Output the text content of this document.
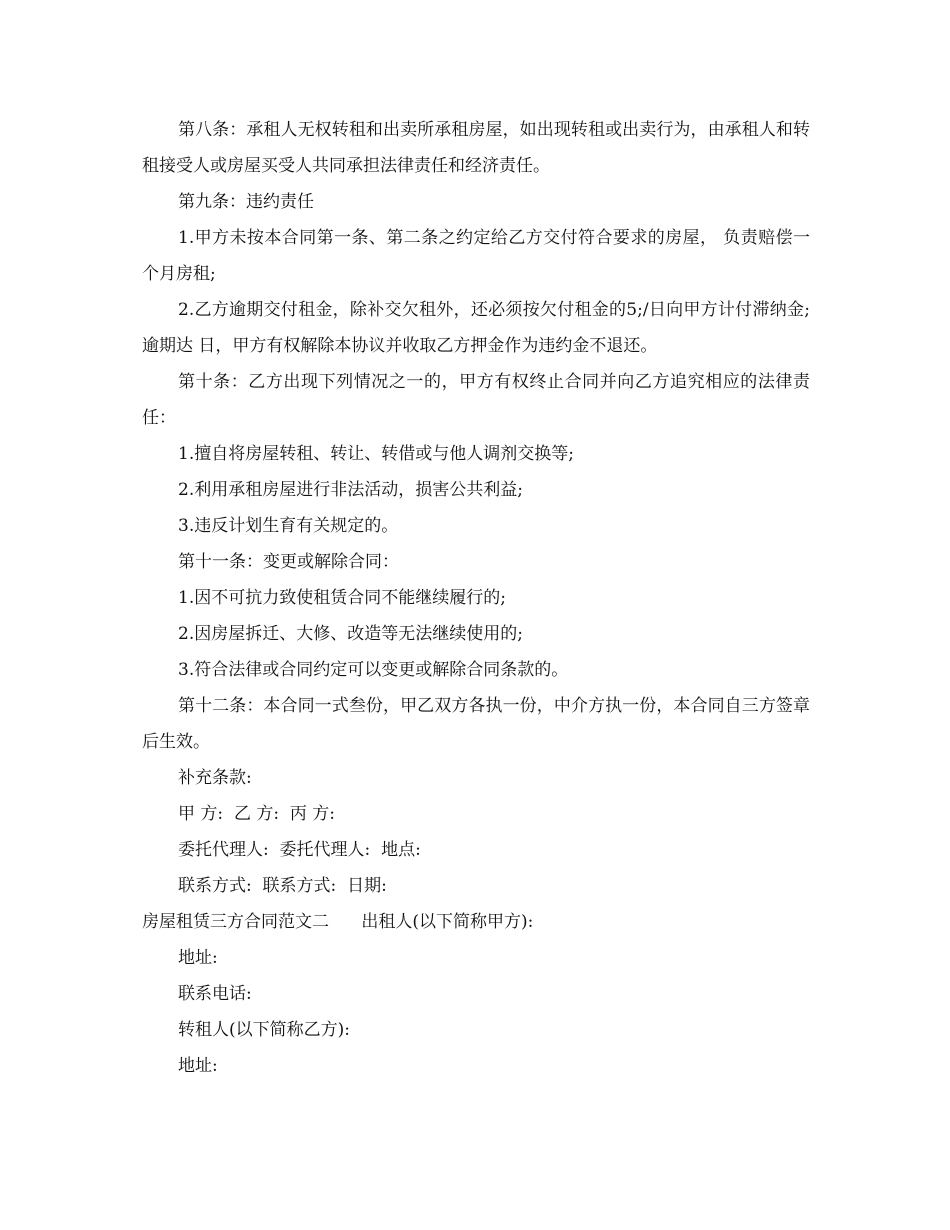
第八条：承租人无权转租和出卖所承租房屋，如出现转租或出卖行为，由承租人和转租接受人或房屋买受人共同承担法律责任和经济责任。

第九条：违约责任

1.甲方未按本合同第一条、第二条之约定给乙方交付符合要求的房屋， 负责赔偿一个月房租;

2.乙方逾期交付租金，除补交欠租外，还必须按欠付租金的5;/日向甲方计付滞纳金;逾期达 日，甲方有权解除本协议并收取乙方押金作为违约金不退还。

第十条：乙方出现下列情况之一的，甲方有权终止合同并向乙方追究相应的法律责任：

1.擅自将房屋转租、转让、转借或与他人调剂交换等;

2.利用承租房屋进行非法活动，损害公共利益;

3.违反计划生育有关规定的。

第十一条：变更或解除合同：

1.因不可抗力致使租赁合同不能继续履行的;

2.因房屋拆迁、大修、改造等无法继续使用的;

3.符合法律或合同约定可以变更或解除合同条款的。

第十二条：本合同一式叁份，甲乙双方各执一份，中介方执一份，本合同自三方签章后生效。

补充条款:

甲 方:  乙 方:  丙 方:

委托代理人:  委托代理人:  地点:

联系方式:  联系方式:  日期:

房屋租赁三方合同范文二      出租人(以下简称甲方):

地址:

联系电话:

转租人(以下简称乙方):

地址:
